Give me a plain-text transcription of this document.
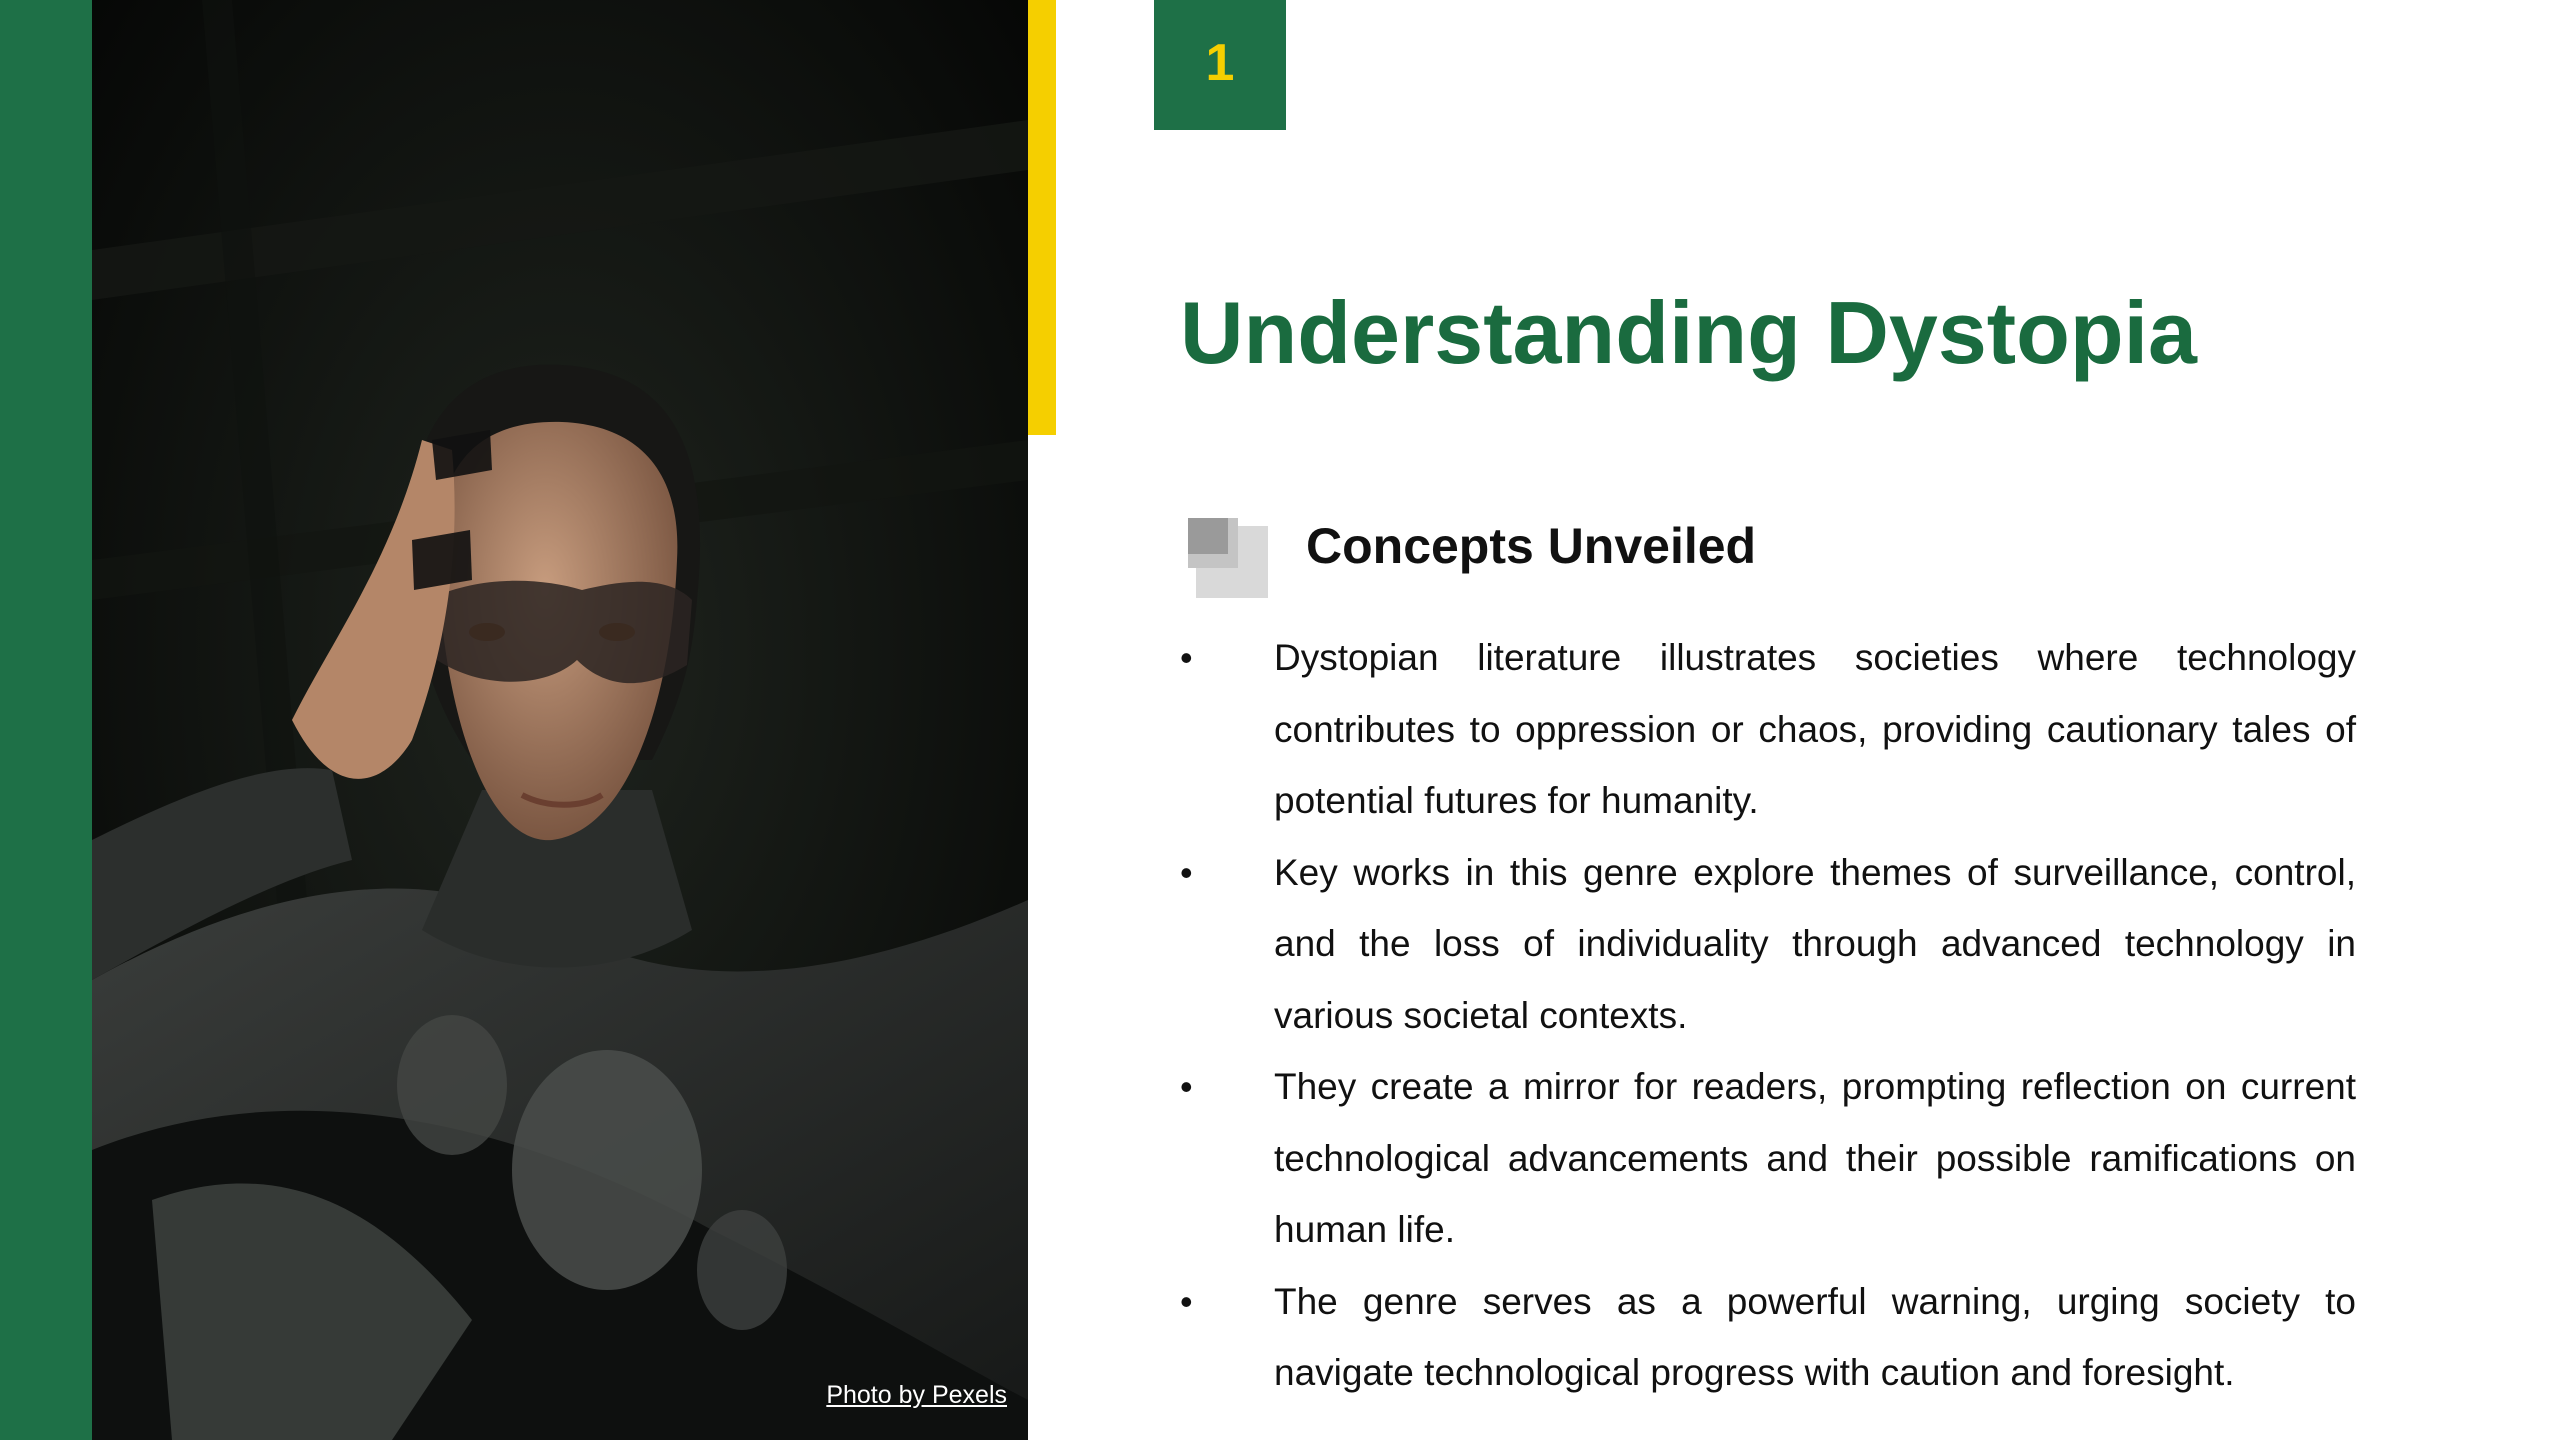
Photo by Pexels
1
Understanding Dystopia
Concepts Unveiled
• Dystopian literature illustrates societies where technology contributes to oppression or chaos, providing cautionary tales of potential futures for humanity.
• Key works in this genre explore themes of surveillance, control, and the loss of individuality through advanced technology in various societal contexts.
• They create a mirror for readers, prompting reflection on current technological advancements and their possible ramifications on human life.
• The genre serves as a powerful warning, urging society to navigate technological progress with caution and foresight.
